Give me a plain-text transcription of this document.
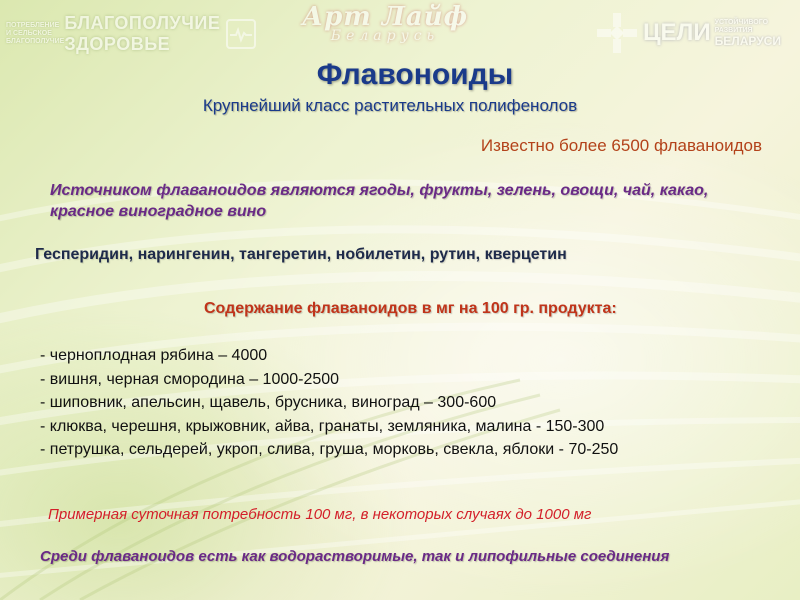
ПОТРЕБЛЕНИЕ И СЕЛЬСКОЕ БЛАГОПОЛУЧИЕ
БЛАГОПОЛУЧИЕ ЗДОРОВЬЕ
Арт Лайф
Беларусь	ЦЕЛИ УСТОЙЧИВОГО РАЗВИТИЯ
БЕЛАРУСИ
Флавоноиды
Крупнейший класс растительных полифенолов
Известно более 6500 флаваноидов
Источником флаваноидов являются ягоды, фрукты, зелень, овощи, чай, какао, красное виноградное вино
Гесперидин, нарингенин, тангеретин, нобилетин, рутин, кверцетин
Содержание флаваноидов в мг на 100 гр. продукта:
- черноплодная рябина – 4000
- вишня, черная смородина – 1000-2500
- шиповник, апельсин, щавель, брусника, виноград – 300-600
- клюква, черешня, крыжовник, айва, гранаты, земляника, малина - 150-300
- петрушка, сельдерей, укроп, слива, груша, морковь, свекла, яблоки - 70-250
Примерная суточная потребность 100 мг, в некоторых случаях до 1000 мг
Среди флаваноидов есть как водорастворимые, так и липофильные соединения
